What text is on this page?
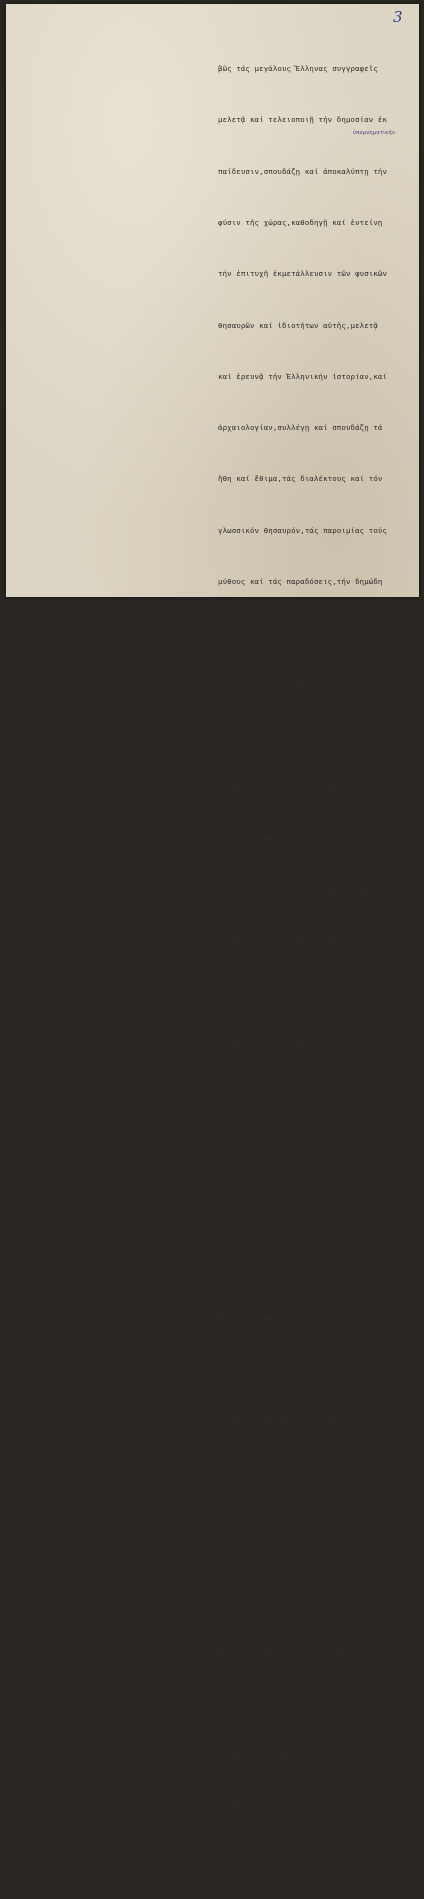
3
ὑπομνηματικήν

βῶς τάς μεγάλους Ἕλληνας συγγραφεῖς

μελετᾷ καί τελειοποιῇ τήν δημοσίαν ἐκ

παίδευσιν,σπουδάζῃ καί ἀποκαλύπτῃ τήν

φύσιν τῆς χώρας,καθοδηγῇ καί ἐντείνῃ

τήν ἐπιτυχῆ ἐκμετάλλευσιν τῶν φυσικῶν

θησαυρῶν καί ἰδιοτήτων αὐτῆς,μελετᾷ

καί ἐρευνᾷ τήν Ἑλληνικήν ἱστορίαν,καί

ἀρχαιολογίαν,συλλέγῃ καί σπουδάζῃ τά

ἤθη καί ἔθιμα,τάς διαλέκτους καί τόν

γλωσσικόν θησαυρόν,τάς παροιμίας τούς

μύθους καί τάς παραδόσεις,τήν δημώδη

μουσικήν καί ποίησιν,καί καθόλου τά

τοῦ βίου καί τήν λαογραφίαν τοῦ Ἑλλη-

νικοῦ λαοῦ,ἐφαρμόζῃ νέα ὅπλα ἀσφαλεί-

ας,ἀκμῆς καί δόξης τοῦ Κράτους,ἐνθαρ-

ρύνῃ καί ζωογονῇ τάς πνευματικάς ἀρε-

τάς τοῦ Ἔθνους,δημιουργήσῃ καί ἀμαδεί-

ζῃ ἀκμαίαν καί σελαγίζουσαν νεωτέραν

Ἑλληνικήν Ἐπιστήμην καί ἐν γένει ἐ-

ξυπηρετῇ καί προάγῃ τά μεγάλα ἠθικά

καί ὑλικά συμφέροντα τοῦ τόπου.

Εὐδοκήσαντες:

Νά συνενώσωμεν εἰς κοινήν συναδελφό-

τητα καί καρποφόρον συνεργασίαν,πρός

προαγωγήν τῆς Ἐπιστήμης καί τῆς Τέ-

χνης,τάς κορυφαίας τοῦ Ἔθνους πνευ-

ματικάς δυνάμεις.

Νά διακρίνωμεν τούς ἐν Ἑλλάδι προέ-

χοντας ἐν τῷ πνευματικῷ ἀγῶνι καί τι-

μήσωμεν τούς πρωτεργάτας τῆς διανοί-

ας,ἀναφέροντες αὐτούς εἰς τό ὕπατον

ἀκαδημαϊκόν ἀξίωμα.
